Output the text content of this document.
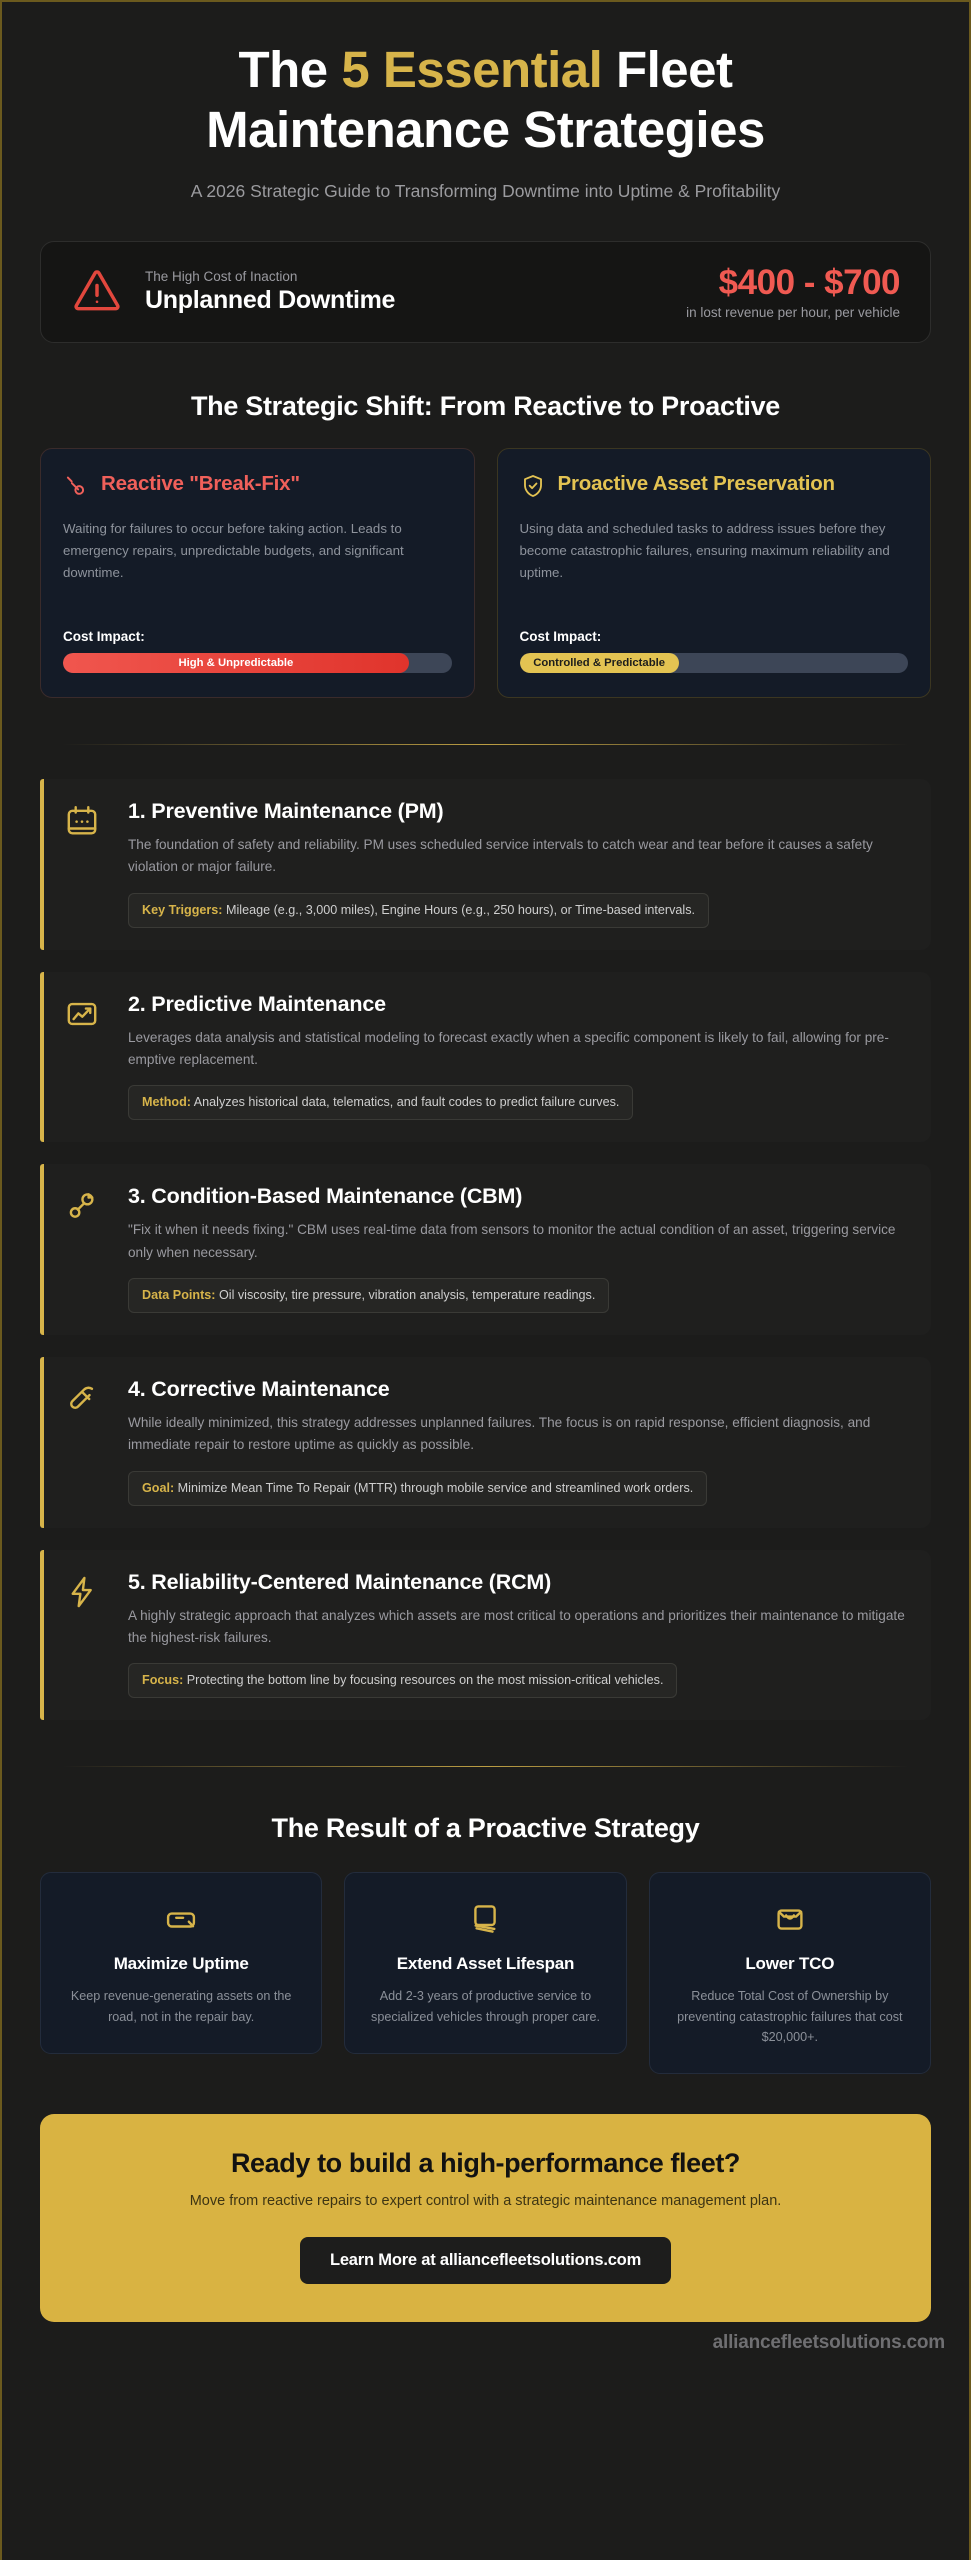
The 5 Essential Fleet
Maintenance Strategies
A 2026 Strategic Guide to Transforming Downtime into Uptime & Profitability
The High Cost of Inaction
Unplanned Downtime	$400 - $700
in lost revenue per hour, per vehicle
The Strategic Shift: From Reactive to Proactive
Reactive "Break-Fix"
Waiting for failures to occur before taking action. Leads to emergency repairs, unpredictable budgets, and significant downtime.
Cost Impact:
High & Unpredictable
Proactive Asset Preservation
Using data and scheduled tasks to address issues before they become catastrophic failures, ensuring maximum reliability and uptime.
Cost Impact:
Controlled & Predictable
1. Preventive Maintenance (PM)
The foundation of safety and reliability. PM uses scheduled service intervals to catch wear and tear before it causes a safety violation or major failure.
Key Triggers: Mileage (e.g., 3,000 miles), Engine Hours (e.g., 250 hours), or Time-based intervals.
2. Predictive Maintenance
Leverages data analysis and statistical modeling to forecast exactly when a specific component is likely to fail, allowing for pre-emptive replacement.
Method: Analyzes historical data, telematics, and fault codes to predict failure curves.
3. Condition-Based Maintenance (CBM)
"Fix it when it needs fixing." CBM uses real-time data from sensors to monitor the actual condition of an asset, triggering service only when necessary.
Data Points: Oil viscosity, tire pressure, vibration analysis, temperature readings.
4. Corrective Maintenance
While ideally minimized, this strategy addresses unplanned failures. The focus is on rapid response, efficient diagnosis, and immediate repair to restore uptime as quickly as possible.
Goal: Minimize Mean Time To Repair (MTTR) through mobile service and streamlined work orders.
5. Reliability-Centered Maintenance (RCM)
A highly strategic approach that analyzes which assets are most critical to operations and prioritizes their maintenance to mitigate the highest-risk failures.
Focus: Protecting the bottom line by focusing resources on the most mission-critical vehicles.
The Result of a Proactive Strategy
Maximize Uptime

Keep revenue-generating assets on the road, not in the repair bay.

Extend Asset Lifespan

Add 2-3 years of productive service to specialized vehicles through proper care.

Lower TCO

Reduce Total Cost of Ownership by preventing catastrophic failures that cost $20,000+.

Ready to build a high-performance fleet?

Move from reactive repairs to expert control with a strategic maintenance management plan.

Learn More at alliancefleetsolutions.com
alliancefleetsolutions.com
